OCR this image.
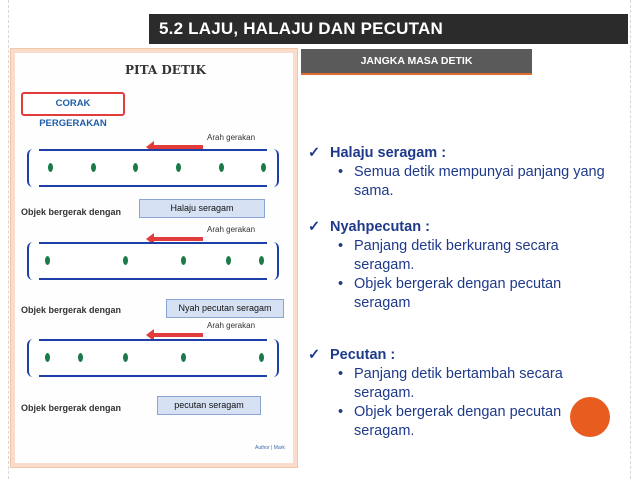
5.2 LAJU, HALAJU DAN PECUTAN
JANGKA MASA DETIK
PITA DETIK
CORAK PERGERAKAN
Arah gerakan
Objek bergerak dengan	Halaju seragam
Arah gerakan
Objek bergerak dengan	Nyah pecutan seragam
Arah gerakan
Objek bergerak dengan	pecutan seragam
Author | Mark
✓ Halaju seragam :
• Semua detik mempunyai panjang yang sama.
✓ Nyahpecutan :
• Panjang detik berkurang secara seragam.
• Objek bergerak dengan pecutan seragam
✓ Pecutan :
• Panjang detik bertambah secara seragam.
• Objek bergerak dengan pecutan seragam.
